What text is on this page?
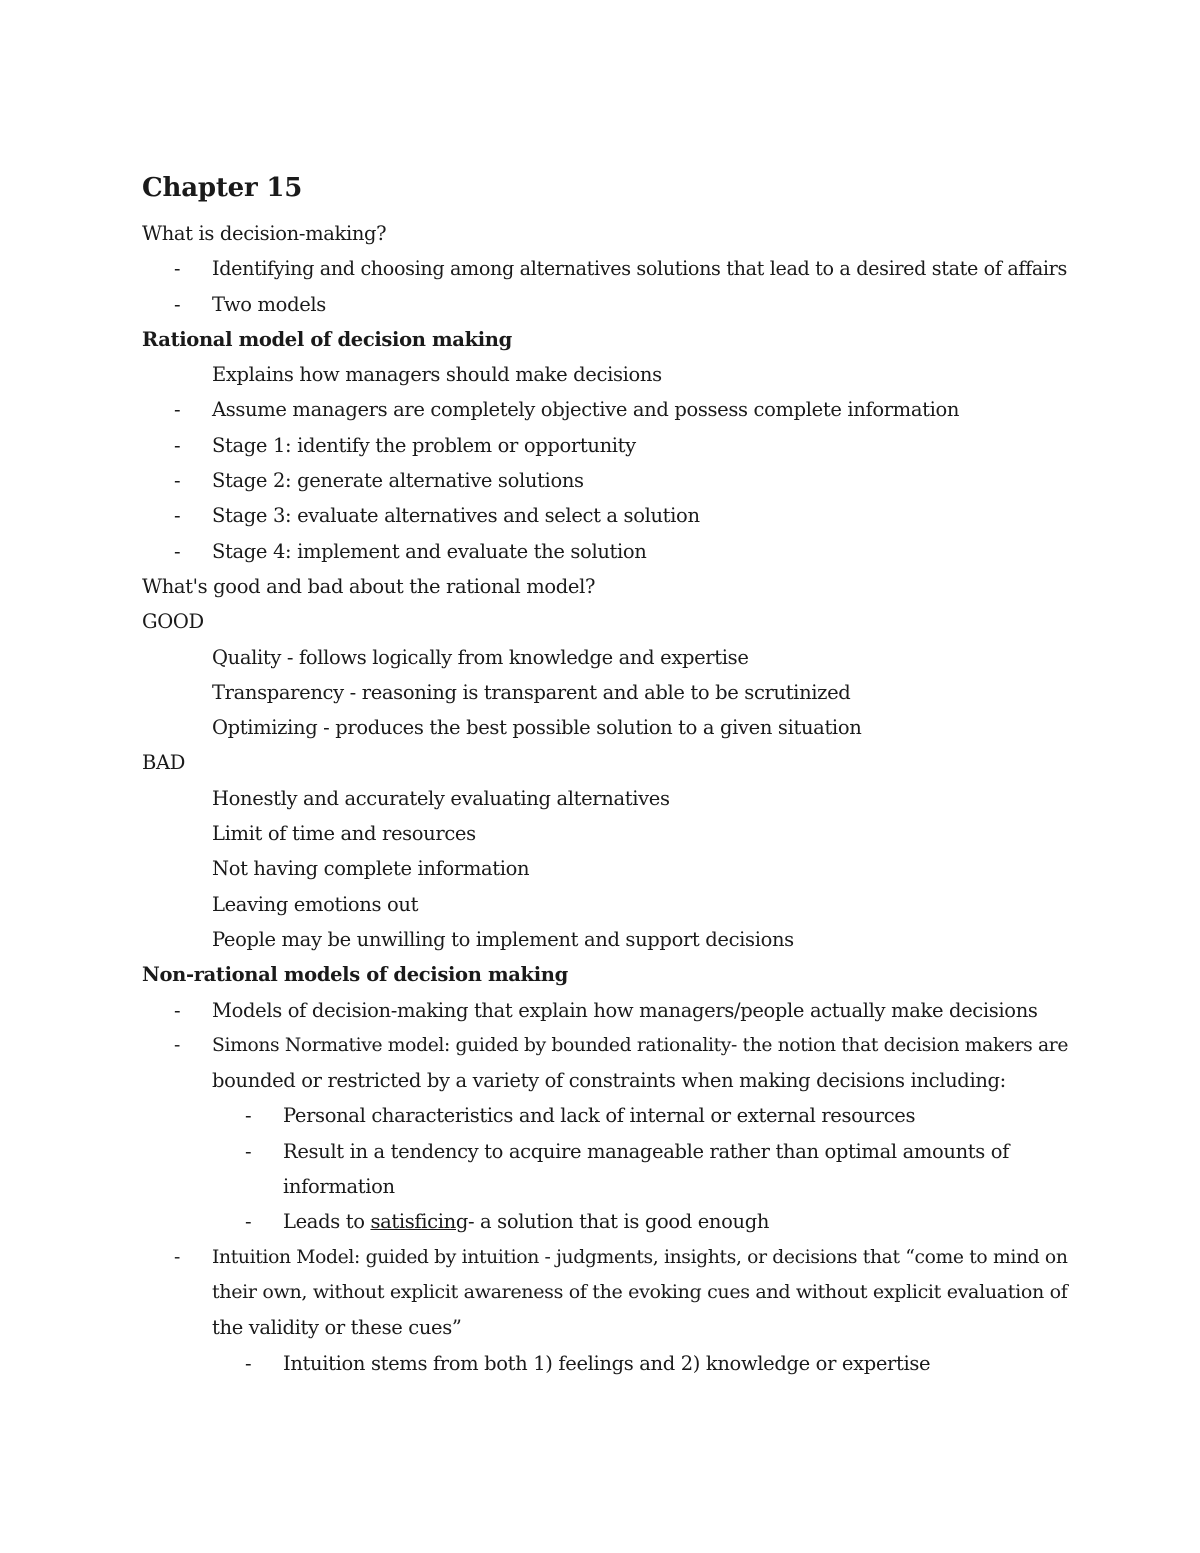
Chapter 15
What is decision-making?
-	Identifying and choosing among alternatives solutions that lead to a desired state of affairs
-	Two models
Rational model of decision making
Explains how managers should make decisions
-	Assume managers are completely objective and possess complete information
-	Stage 1: identify the problem or opportunity
-	Stage 2: generate alternative solutions
-	Stage 3: evaluate alternatives and select a solution
-	Stage 4: implement and evaluate the solution
What's good and bad about the rational model?
GOOD
Quality - follows logically from knowledge and expertise
Transparency - reasoning is transparent and able to be scrutinized
Optimizing - produces the best possible solution to a given situation
BAD
Honestly and accurately evaluating alternatives
Limit of time and resources
Not having complete information
Leaving emotions out
People may be unwilling to implement and support decisions
Non-rational models of decision making
-	Models of decision-making that explain how managers/people actually make decisions
-	Simons Normative model: guided by bounded rationality- the notion that decision makers are
bounded or restricted by a variety of constraints when making decisions including:
-	Personal characteristics and lack of internal or external resources
-	Result in a tendency to acquire manageable rather than optimal amounts of
information
-	Leads to satisficing- a solution that is good enough
-	Intuition Model: guided by intuition - judgments, insights, or decisions that “come to mind on
their own, without explicit awareness of the evoking cues and without explicit evaluation of
the validity or these cues”
-	Intuition stems from both 1) feelings and 2) knowledge or expertise
